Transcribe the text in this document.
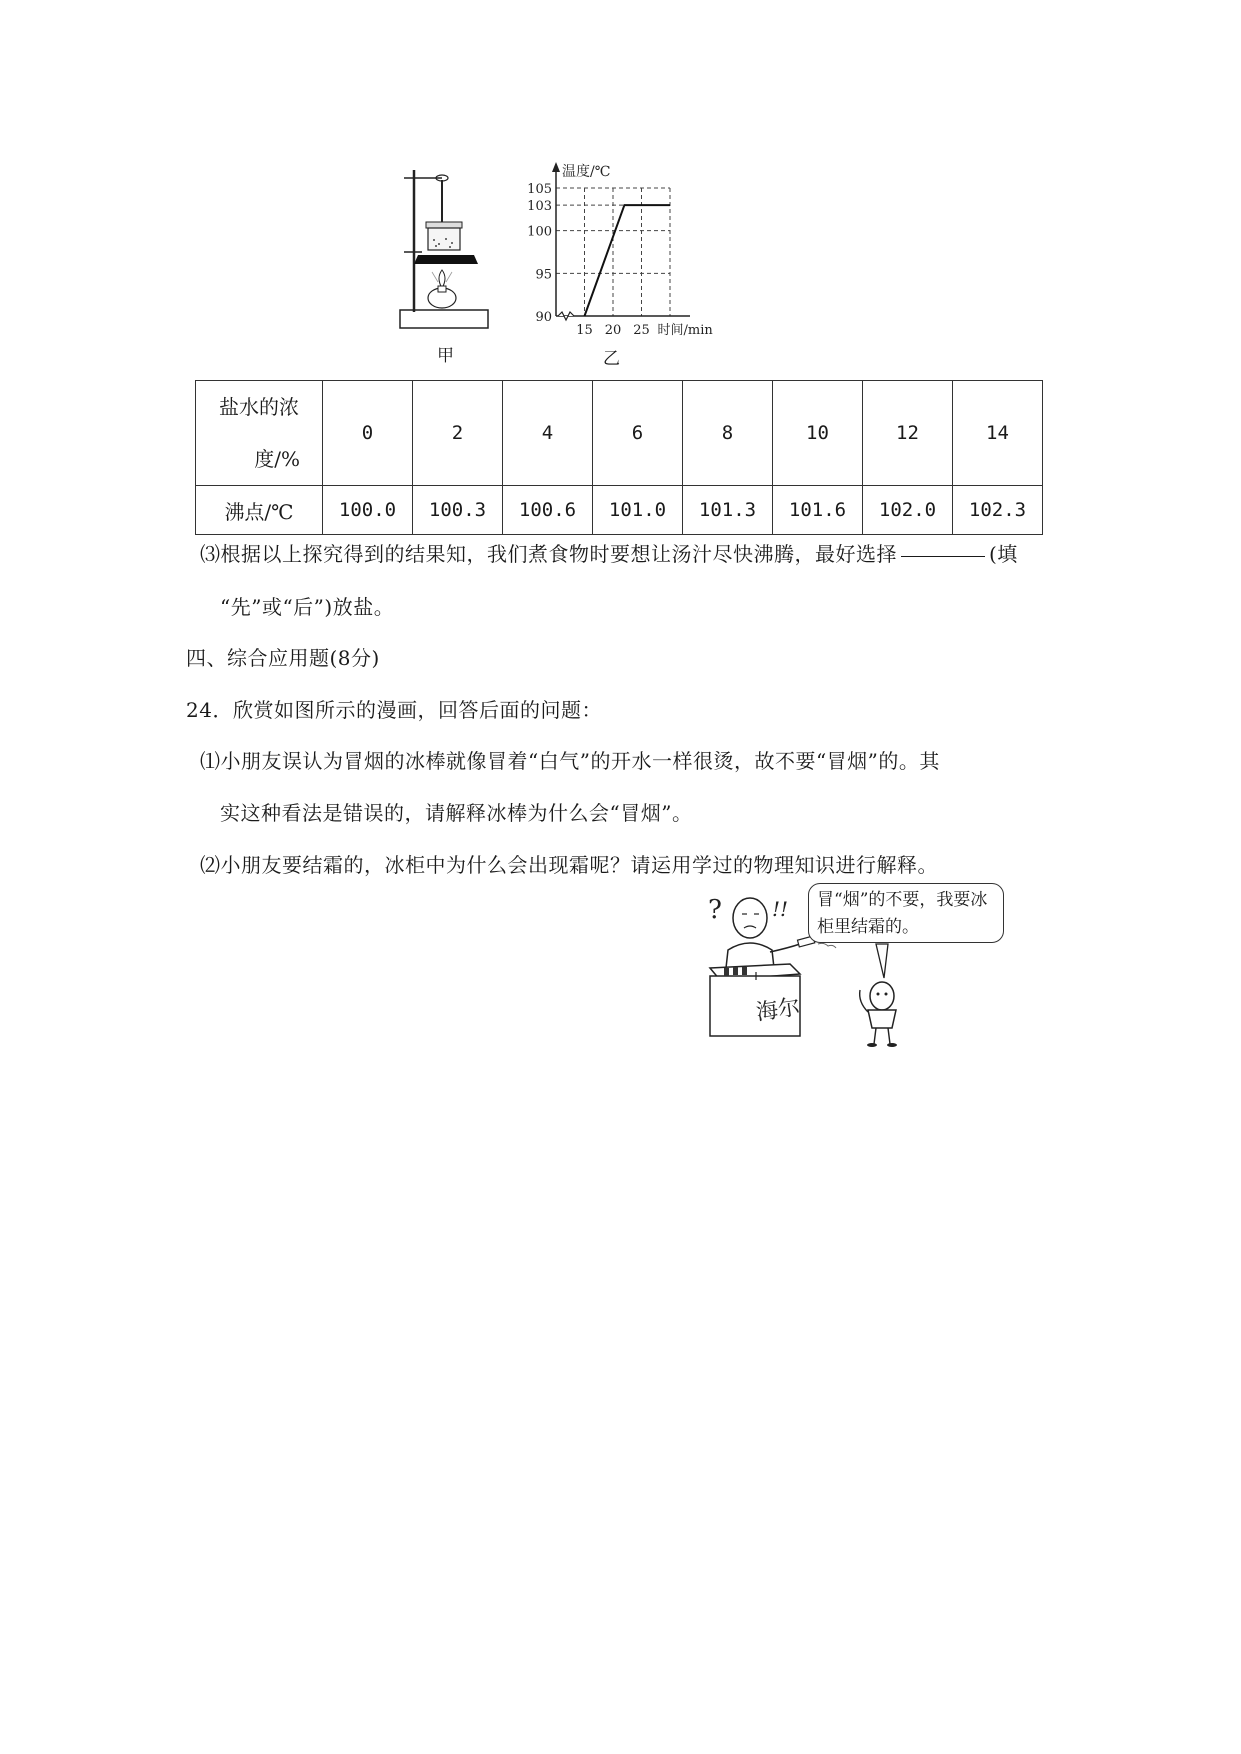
甲
90
95
100
103
105
15 20 25
温度/℃
时间/min
乙
盐水的浓
度/%	0	2	4	6	8	10	12	14
沸点/℃	100.0	100.3	100.6	101.0	101.3	101.6	102.0	102.3
⑶根据以上探究得到的结果知，我们煮食物时要想让汤汁尽快沸腾，最好选择	(填
“先”或“后”)放盐。
四、综合应用题(8分)
24．欣赏如图所示的漫画，回答后面的问题：
⑴小朋友误认为冒烟的冰棒就像冒着“白气”的开水一样很烫，故不要“冒烟”的。其
实这种看法是错误的，请解释冰棒为什么会“冒烟”。
⑵小朋友要结霜的，冰柜中为什么会出现霜呢？请运用学过的物理知识进行解释。
?	!!
海尔
冒“烟”的不要，我要冰柜里结霜的。
